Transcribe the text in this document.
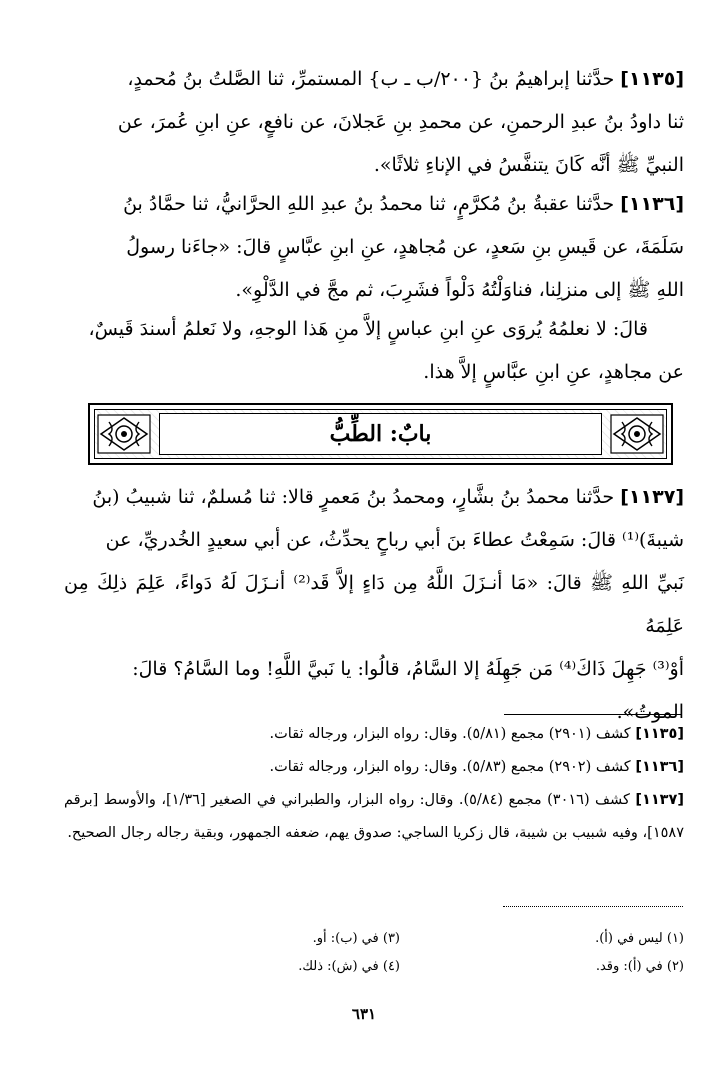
[١١٣٥] حدَّثنا إبراهيمُ بنُ {٢٠٠/ب ـ ب} المستمرِّ، ثنا الصَّلتُ بنُ مُحمدٍ،

ثنا داودُ بنُ عبدِ الرحمنِ، عن محمدِ بنِ عَجلانَ، عن نافعٍ، عنِ ابنِ عُمرَ، عن

النبيِّ ﷺ أنَّه كَانَ يتنفَّسُ في الإناءِ ثلاثًا».

[١١٣٦] حدَّثنا عقبةُ بنُ مُكرَّمٍ، ثنا محمدُ بنُ عبدِ اللهِ الحرَّانيُّ، ثنا حمَّادُ بنُ

سَلَمَةَ، عن قَيسِ بنِ سَعدٍ، عن مُجاهدٍ، عنِ ابنِ عبَّاسٍ قالَ: «جاءَنا رسولُ

اللهِ ﷺ إلى منزلِنا، فناوَلْتُهُ دَلْواً فشَرِبَ، ثم مجَّ في الدَّلْوِ».

قالَ: لا نعلمُهُ يُروَى عنِ ابنِ عباسٍ إلاَّ منِ هَذا الوجهِ، ولا نَعلمُ أسندَ قَيسٌ،

عن مجاهدٍ، عنِ ابنِ عبَّاسٍ إلاَّ هذا.

بابٌ: الطِّبُّ

[١١٣٧] حدَّثنا محمدُ بنُ بشَّارٍ، ومحمدُ بنُ مَعمرٍ قالا: ثنا مُسلمٌ، ثنا شبيبُ (بنُ

شيبةَ)⁽¹⁾ قالَ: سَمِعْتُ عطاءَ بنَ أبي رباحٍ يحدِّثُ، عن أبي سعيدٍ الخُدريِّ، عن

نَبيِّ اللهِ ﷺ قالَ: «مَا أنـزَلَ اللَّهُ مِن دَاءٍ إلاَّ قَد⁽²⁾ أنـزَلَ لَهُ دَواءً، عَلِمَ ذلِكَ مِن عَلِمَهُ

أوْ⁽³⁾ جَهِلَ ذَاكَ⁽⁴⁾ مَن جَهِلَهُ إلا السَّامُ، قالُوا: يا نَبيَّ اللَّهِ! وما السَّامُ؟ قالَ:

الموتُ».

[١١٣٥] كشف (٢٩٠١) مجمع (٥/٨١). وقال: رواه البزار، ورجاله ثقات.

[١١٣٦] كشف (٢٩٠٢) مجمع (٥/٨٣). وقال: رواه البزار، ورجاله ثقات.

[١١٣٧] كشف (٣٠١٦) مجمع (٥/٨٤). وقال: رواه البزار، والطبراني في الصغير [١/٣٦]، والأوسط [برقم ١٥٨٧]، وفيه شبيب بن شيبة، قال زكريا الساجي: صدوق يهم، ضعفه الجمهور، وبقية رجاله رجال الصحيح.

(١) ليس في (أ).

(٢) في (أ): وقد.

(٣) في (ب): أو.

(٤) في (ش): ذلك.

٦٣١
